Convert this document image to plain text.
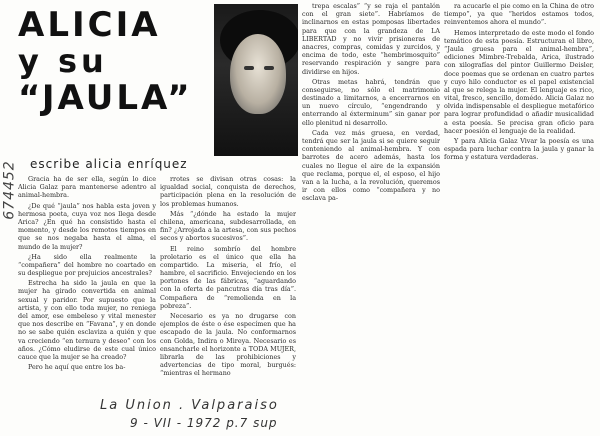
674452
ALICIA
y su
“JAULA”
escribe alicia enríquez

Gracia ha de ser ella, según lo dice Alicia Galaz para mantenerse adentro al animal-hembra.

¿De qué “jaula” nos habla esta joven y hermosa poeta, cuya voz nos llega desde Arica? ¿En qué ha consistido hasta el momento, y desde los remotos tiempos en que se nos negaba hasta el alma, el mundo de la mujer?

¿Ha sido ella realmente la “compañera” del hombre no coartado en su despliegue por prejuicios ancestrales?

Estrecha ha sido la jaula en que la mujer ha girado convertida en animal sexual y paridor. Por supuesto que la artista, y con ello toda mujer, no reniega del amor, ese embeleso y vital menester que nos describe en “Favana”, y en donde no se sabe quién esclaviza a quién y que va creciendo “en ternura y deseo” con los años. ¿Cómo eludirse de este cual único cauce que la mujer se ha creado?

Pero he aquí que entre los ba-

rrotes se divisan otras cosas: la igualdad social, conquista de derechos, participación plena en la resolución de los problemas humanos.

Más “¿dónde ha estado la mujer chilena, americana, subdesarrollada, en fin? ¿Arrojada a la artesa, con sus pechos secos y abortos sucesivos”.

El reino sombrío del hombre proletario es el único que ella ha compartido. La miseria, el frío, el hambre, el sacrificio. Envejeciendo en los portones de las fábricas, “aguardando con la oferta de pancutras día tras día”. Compañera de “remolienda en la pobreza”.

Necesario es ya no drugarse con ejemplos de éste o ése especímen que ha escapado de la jaula. No conformarnos con Golda, Indira o Mireya. Necesario es ensancharle el horizonte a TODA MUJER, librarla de las prohibiciones y advertencias de tipo moral, burgués: “mientras el hermano

trepa escalas” “y se raja el pantalón con el gran siete”. Habríamos de inclinarnos en estas pomposas libertades para que con la grandeza de LA LIBERTAD y no vivir prisioneras de anacres, compras, comidas y zurcidos, y encima de todo, este “hembrimosquito” reservando respiración y sangre para dividirse en hijos.

Otras metas habrá, tendrán que conseguirse, no sólo el matrimonio destinado a limitarnos, a encerrarnos en un nuevo círculo, “engendrando y enterrando al éxterminum” sin ganar por ello plenitud ni desarrollo.

Cada vez más gruesa, en verdad, tendrá que ser la jaula si se quiere seguir conteniendo al animal-hembra. Y con barrotes de acero además, hasta los cuales no llegue el aire de la expansión que reclama, porque el, el esposo, el hijo van a la lucha, a la revolución, queremos ir con ellos como “compañera y no esclava pa-

ra acucarle el pie como en la China de otro tiempo”, ya que “heridos estamos todos, reinventemos ahora el mundo”.

Hemos interpretado de este modo el fondo temático de esta poesía. Estructuran el libro, “Jaula gruesa para el animal-hembra”, ediciones Mimbre-Trebalda, Arica, ilustrado con xilografías del pintor Guillermo Deisler, doce poemas que se ordenan en cuatro partes y cuyo hilo conductor es el papel existencial al que se relega la mujer. El lenguaje es rico, vital, fresco, sencillo, domédo. Alicia Galaz no olvida indispensable el despliegue metafórico para lograr profundidad o añadir musicalidad a esta poesía. Se precisa gran oficio para hacer poesión el lenguaje de la realidad.

Y para Alicia Galaz Vivar la poesía es una espada para luchar contra la jaula y ganar la forma y estatura verdaderas.

La Union . Valparaiso
9 - VII - 1972 p.7 sup
